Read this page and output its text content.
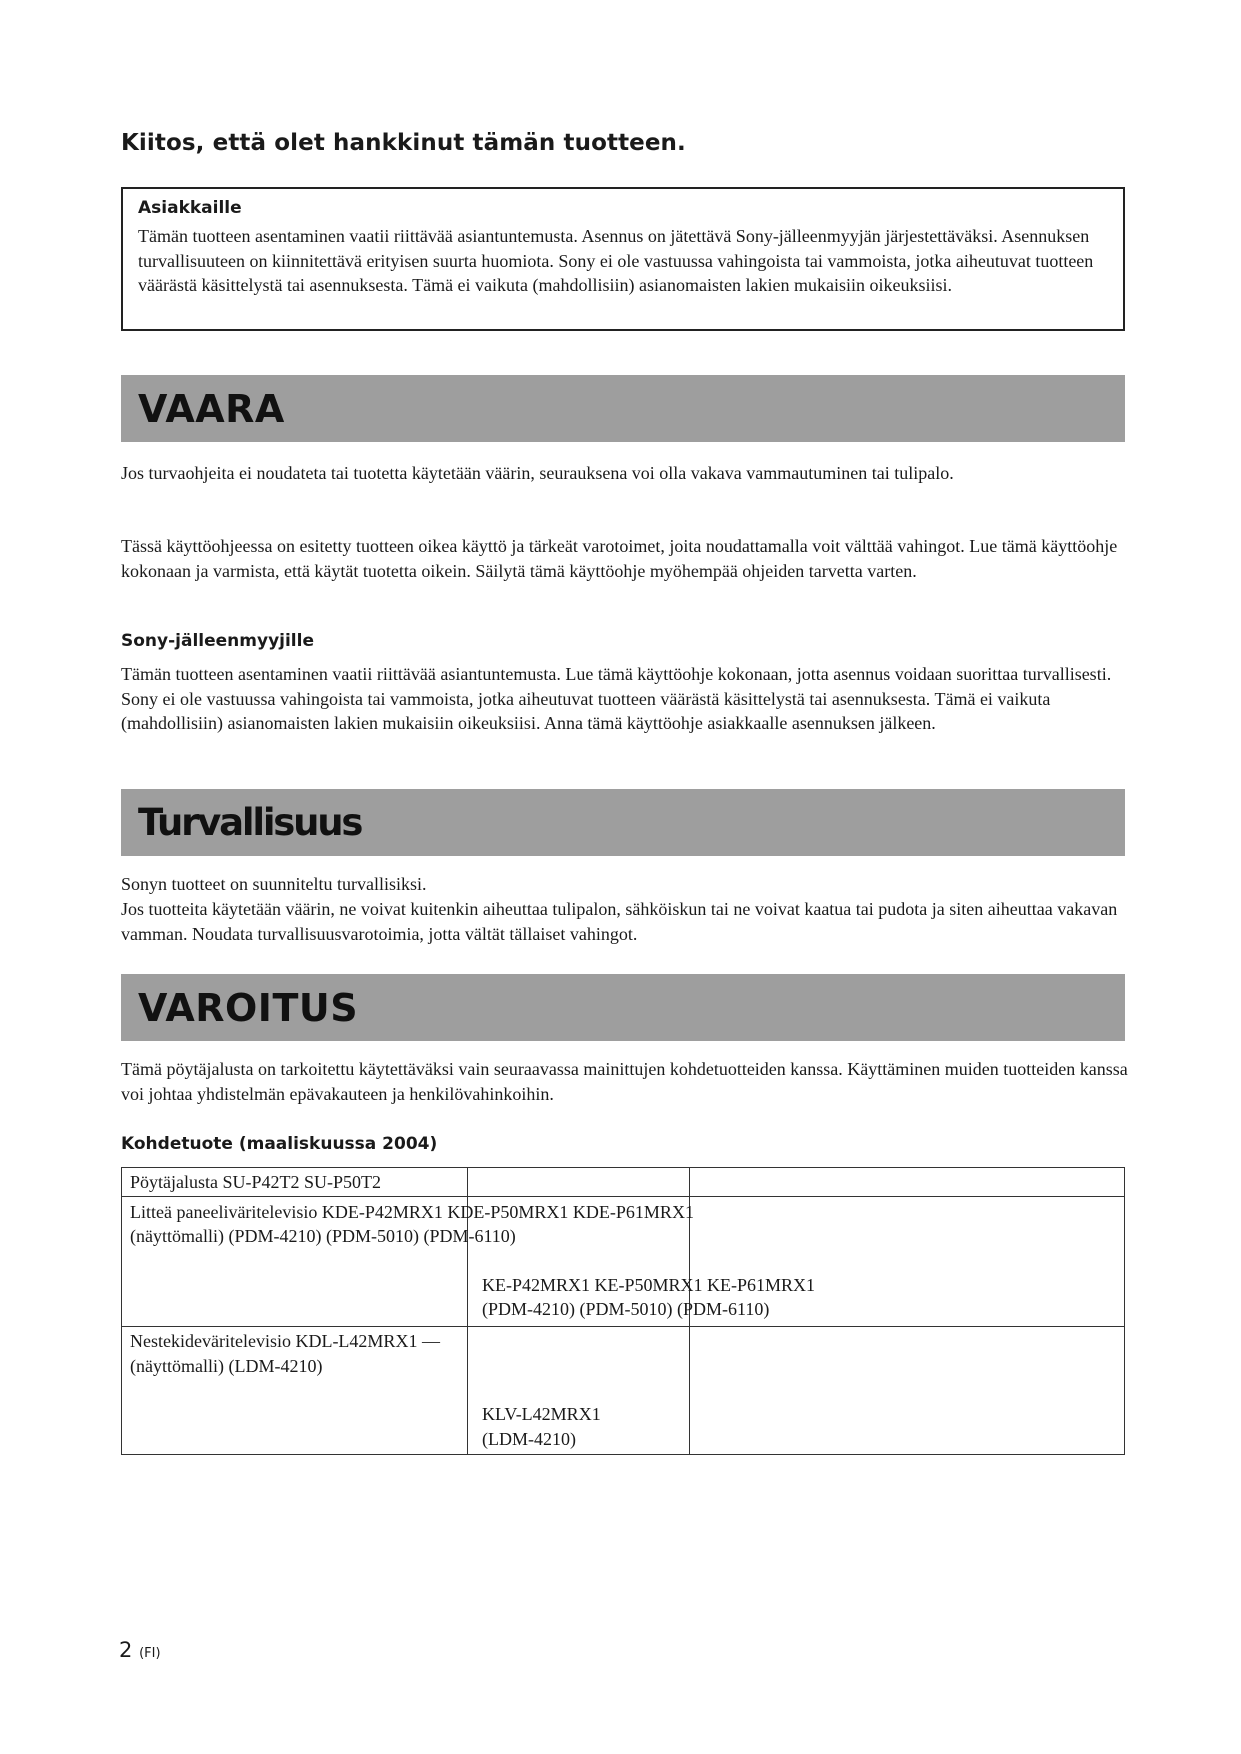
Kiitos, että olet hankkinut tämän tuotteen.
Asiakkaille

Tämän tuotteen asentaminen vaatii riittävää asiantuntemusta. Asennus on jätettävä Sony-jälleenmyyjän järjestettäväksi. Asennuksen turvallisuuteen on kiinnitettävä erityisen suurta huomiota. Sony ei ole vastuussa vahingoista tai vammoista, jotka aiheutuvat tuotteen väärästä käsittelystä tai asennuksesta. Tämä ei vaikuta (mahdollisiin) asianomaisten lakien mukaisiin oikeuksiisi.

VAARA

Jos turvaohjeita ei noudateta tai tuotetta käytetään väärin, seurauksena voi olla vakava vammautuminen tai tulipalo.

Tässä käyttöohjeessa on esitetty tuotteen oikea käyttö ja tärkeät varotoimet, joita noudattamalla voit välttää vahingot. Lue tämä käyttöohje kokonaan ja varmista, että käytät tuotetta oikein. Säilytä tämä käyttöohje myöhempää ohjeiden tarvetta varten.

Sony-jälleenmyyjille

Tämän tuotteen asentaminen vaatii riittävää asiantuntemusta. Lue tämä käyttöohje kokonaan, jotta asennus voidaan suorittaa turvallisesti. Sony ei ole vastuussa vahingoista tai vammoista, jotka aiheutuvat tuotteen väärästä käsittelystä tai asennuksesta. Tämä ei vaikuta (mahdollisiin) asianomaisten lakien mukaisiin oikeuksiisi. Anna tämä käyttöohje asiakkaalle asennuksen jälkeen.

Turvallisuus

Sonyn tuotteet on suunniteltu turvallisiksi.

Jos tuotteita käytetään väärin, ne voivat kuitenkin aiheuttaa tulipalon, sähköiskun tai ne voivat kaatua tai pudota ja siten aiheuttaa vakavan vamman. Noudata turvallisuusvarotoimia, jotta vältät tällaiset vahingot.

VAROITUS

Tämä pöytäjalusta on tarkoitettu käytettäväksi vain seuraavassa mainittujen kohdetuotteiden kanssa. Käyttäminen muiden tuotteiden kanssa voi johtaa yhdistelmän epävakauteen ja henkilövahinkoihin.

Kohdetuote (maaliskuussa 2004)
Pöytäjalusta SU-P42T2 SU-P50T2
Litteä paneeliväritelevisio KDE-P42MRX1 KDE-P50MRX1 KDE-P61MRX1
(näyttömalli) (PDM-4210) (PDM-5010) (PDM-6110)
KE-P42MRX1 KE-P50MRX1 KE-P61MRX1
(PDM-4210) (PDM-5010) (PDM-6110)
Nestekideväritelevisio KDL-L42MRX1 —
(näyttömalli) (LDM-4210)
KLV-L42MRX1
(LDM-4210)
2 (FI)
